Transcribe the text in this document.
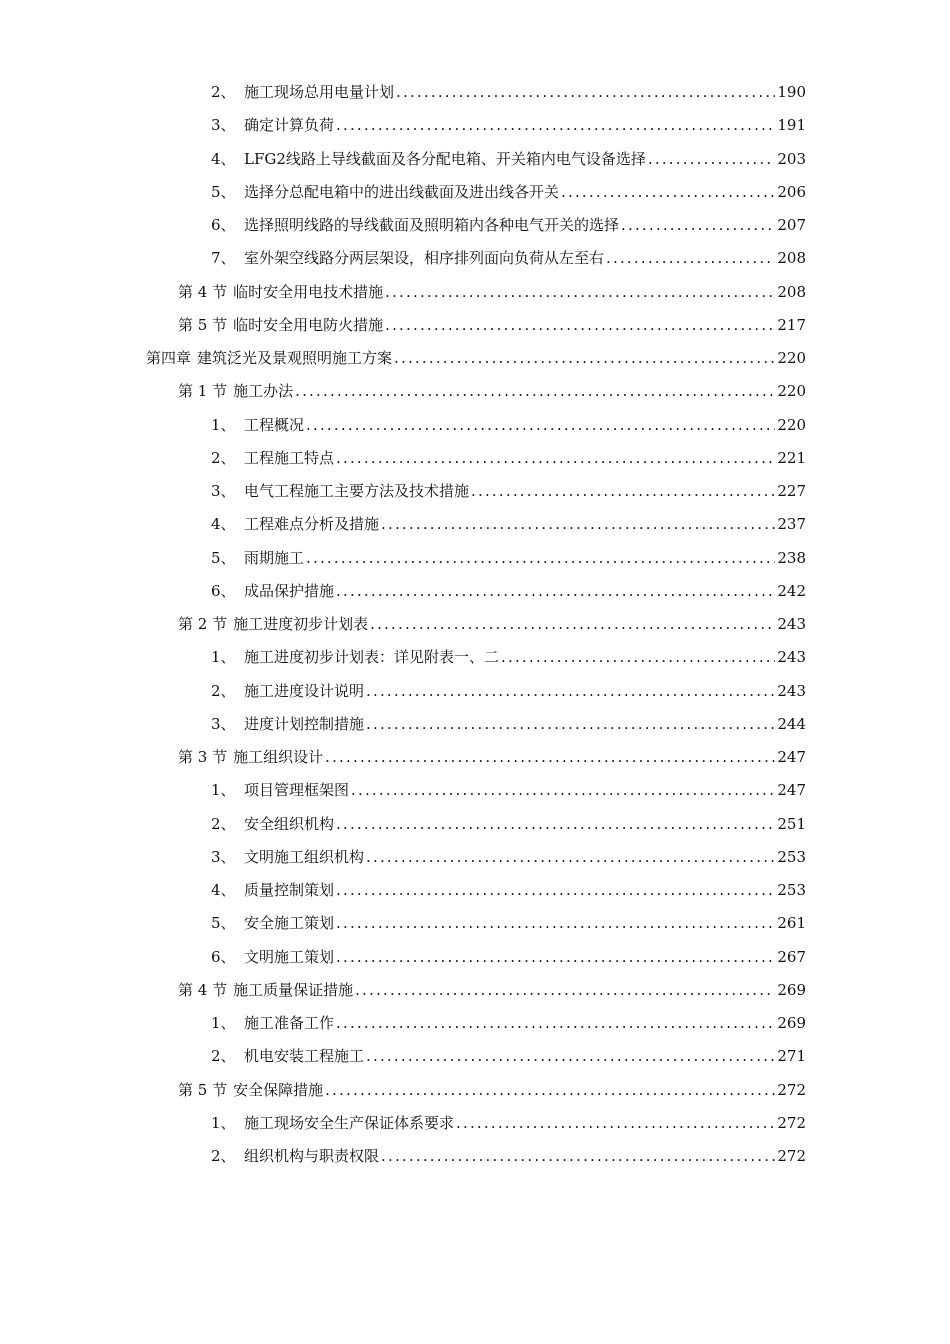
2、 施工现场总用电量计划 .....	190
3、 确定计算负荷 .....	191
4、 LFG2线路上导线截面及各分配电箱、开关箱内电气设备选择 .....	203
5、 选择分总配电箱中的进出线截面及进出线各开关 .....	206
6、 选择照明线路的导线截面及照明箱内各种电气开关的选择 .....	207
7、 室外架空线路分两层架设，相序排列面向负荷从左至右 .....	208
第 4 节 临时安全用电技术措施 .....	208
第 5 节 临时安全用电防火措施 .....	217
第四章 建筑泛光及景观照明施工方案 .....	220
第 1 节 施工办法 .....	220
1、 工程概况 .....	220
2、 工程施工特点 .....	221
3、 电气工程施工主要方法及技术措施 .....	227
4、 工程难点分析及措施 .....	237
5、 雨期施工 .....	238
6、 成品保护措施 .....	242
第 2 节 施工进度初步计划表 .....	243
1、 施工进度初步计划表：详见附表一、二 .....	243
2、 施工进度设计说明 .....	243
3、 进度计划控制措施 .....	244
第 3 节 施工组织设计 .....	247
1、 项目管理框架图 .....	247
2、 安全组织机构 .....	251
3、 文明施工组织机构 .....	253
4、 质量控制策划 .....	253
5、 安全施工策划 .....	261
6、 文明施工策划 .....	267
第 4 节 施工质量保证措施 .....	269
1、 施工准备工作 .....	269
2、 机电安装工程施工 .....	271
第 5 节 安全保障措施 .....	272
1、 施工现场安全生产保证体系要求 .....	272
2、 组织机构与职责权限 .....	272
